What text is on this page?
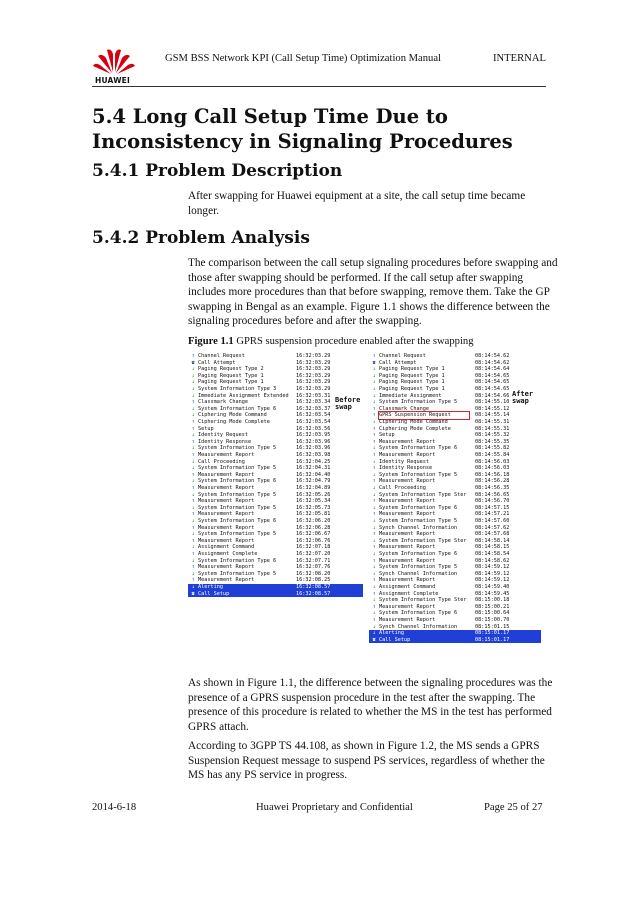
HUAWEI
GSM BSS Network KPI (Call Setup Time) Optimization Manual	INTERNAL
5.4 Long Call Setup Time Due to Inconsistency in Signaling Procedures
5.4.1 Problem Description
After swapping for Huawei equipment at a site, the call setup time became longer.
5.4.2 Problem Analysis
The comparison between the call setup signaling procedures before swapping and those after swapping should be performed. If the call setup after swapping includes more procedures than that before swapping, remove them. Take the GP swapping in Bengal as an example. Figure 1.1 shows the difference between the signaling procedures before and after the swapping.
Figure 1.1 GPRS suspension procedure enabled after the swapping
↑ Channel Request	16:32:03.29
☎ Call Attempt	16:32:03.29
↓ Paging Request Type 2	16:32:03.29
↓ Paging Request Type 1	16:32:03.29
↓ Paging Request Type 1	16:32:03.29
↓ System Information Type 3	16:32:03.29
↓ Immediate Assignment Extended 16:32:03.31
↑ Classmark Change	16:32:03.34
↓ System Information Type 6	16:32:03.37
↓ Ciphering Mode Command	16:32:03.54
↑ Ciphering Mode Complete	16:32:03.54
↑ Setup	16:32:03.56
↓ Identity Request	16:32:03.95
↑ Identity Response	16:32:03.96
↓ System Information Type 5	16:32:03.96
↑ Measurement Report	16:32:03.98
↓ Call Proceeding	16:32:04.25
↓ System Information Type 5	16:32:04.31
↑ Measurement Report	16:32:04.40
↓ System Information Type 6	16:32:04.79
↑ Measurement Report	16:32:04.89
↓ System Information Type 5	16:32:05.26
↑ Measurement Report	16:32:05.34
↓ System Information Type 5	16:32:05.73
↑ Measurement Report	16:32:05.81
↓ System Information Type 6	16:32:06.20
↑ Measurement Report	16:32:06.28
↓ System Information Type 5	16:32:06.67
↑ Measurement Report	16:32:06.76
↓ Assignment Command	16:32:07.18
↑ Assignment Complete	16:32:07.20
↓ System Information Type 6	16:32:07.71
↑ Measurement Report	16:32:07.76
↓ System Information Type 5	16:32:08.20
↑ Measurement Report	16:32:08.25
↓ Alerting	16:32:08.57
☎ Call Setup	16:32:08.57
↑ Channel Request	08:14:54.62
☎ Call Attempt	08:14:54.62
↓ Paging Request Type 1	08:14:54.64
↓ Paging Request Type 1	08:14:54.65
↓ Paging Request Type 1	08:14:54.65
↓ Paging Request Type 1	08:14:54.65
↓ Immediate Assignment	08:14:54.66
↓ System Information Type 5	08:14:55.10
↑ Classmark Change	08:14:55.12
↑ GPRS Suspension Request	08:14:55.14
↓ Ciphering Mode Command	08:14:55.31
↑ Ciphering Mode Complete	08:14:55.31
↑ Setup	08:14:55.32
↑ Measurement Report	08:14:55.35
↓ System Information Type 6	08:14:55.82
↑ Measurement Report	08:14:55.84
↓ Identity Request	08:14:56.03
↑ Identity Response	08:14:56.03
↓ System Information Type 5	08:14:56.18
↑ Measurement Report	08:14:56.28
↓ Call Proceeding	08:14:56.35
↓ System Information Type Ster 08:14:56.65
↑ Measurement Report	08:14:56.70
↓ System Information Type 6	08:14:57.15
↑ Measurement Report	08:14:57.21
↓ System Information Type 5	08:14:57.60
↓ Synch Channel Information	08:14:57.62
↑ Measurement Report	08:14:57.68
↓ System Information Type Ster 08:14:58.14
↑ Measurement Report	08:14:58.15
↓ System Information Type 6	08:14:58.54
↑ Measurement Report	08:14:58.62
↓ System Information Type 5	08:14:59.12
↓ Synch Channel Information	08:14:59.12
↑ Measurement Report	08:14:59.12
↓ Assignment Command	08:14:59.40
↑ Assignment Complete	08:14:59.45
↓ System Information Type Ster 08:15:00.18
↑ Measurement Report	08:15:00.21
↓ System Information Type 6	08:15:00.64
↑ Measurement Report	08:15:00.70
↓ Synch Channel Information	08:15:01.15
↓ Alerting	08:15:01.17
☎ Call Setup	08:15:01.17
Before
swap
After
swap
As shown in Figure 1.1, the difference between the signaling procedures was the presence of a GPRS suspension procedure in the test after the swapping. The presence of this procedure is related to whether the MS in the test has performed GPRS attach.
According to 3GPP TS 44.108, as shown in Figure 1.2, the MS sends a GPRS Suspension Request message to suspend PS services, regardless of whether the MS has any PS service in progress.
2014-6-18	Huawei Proprietary and Confidential	Page 25 of 27
